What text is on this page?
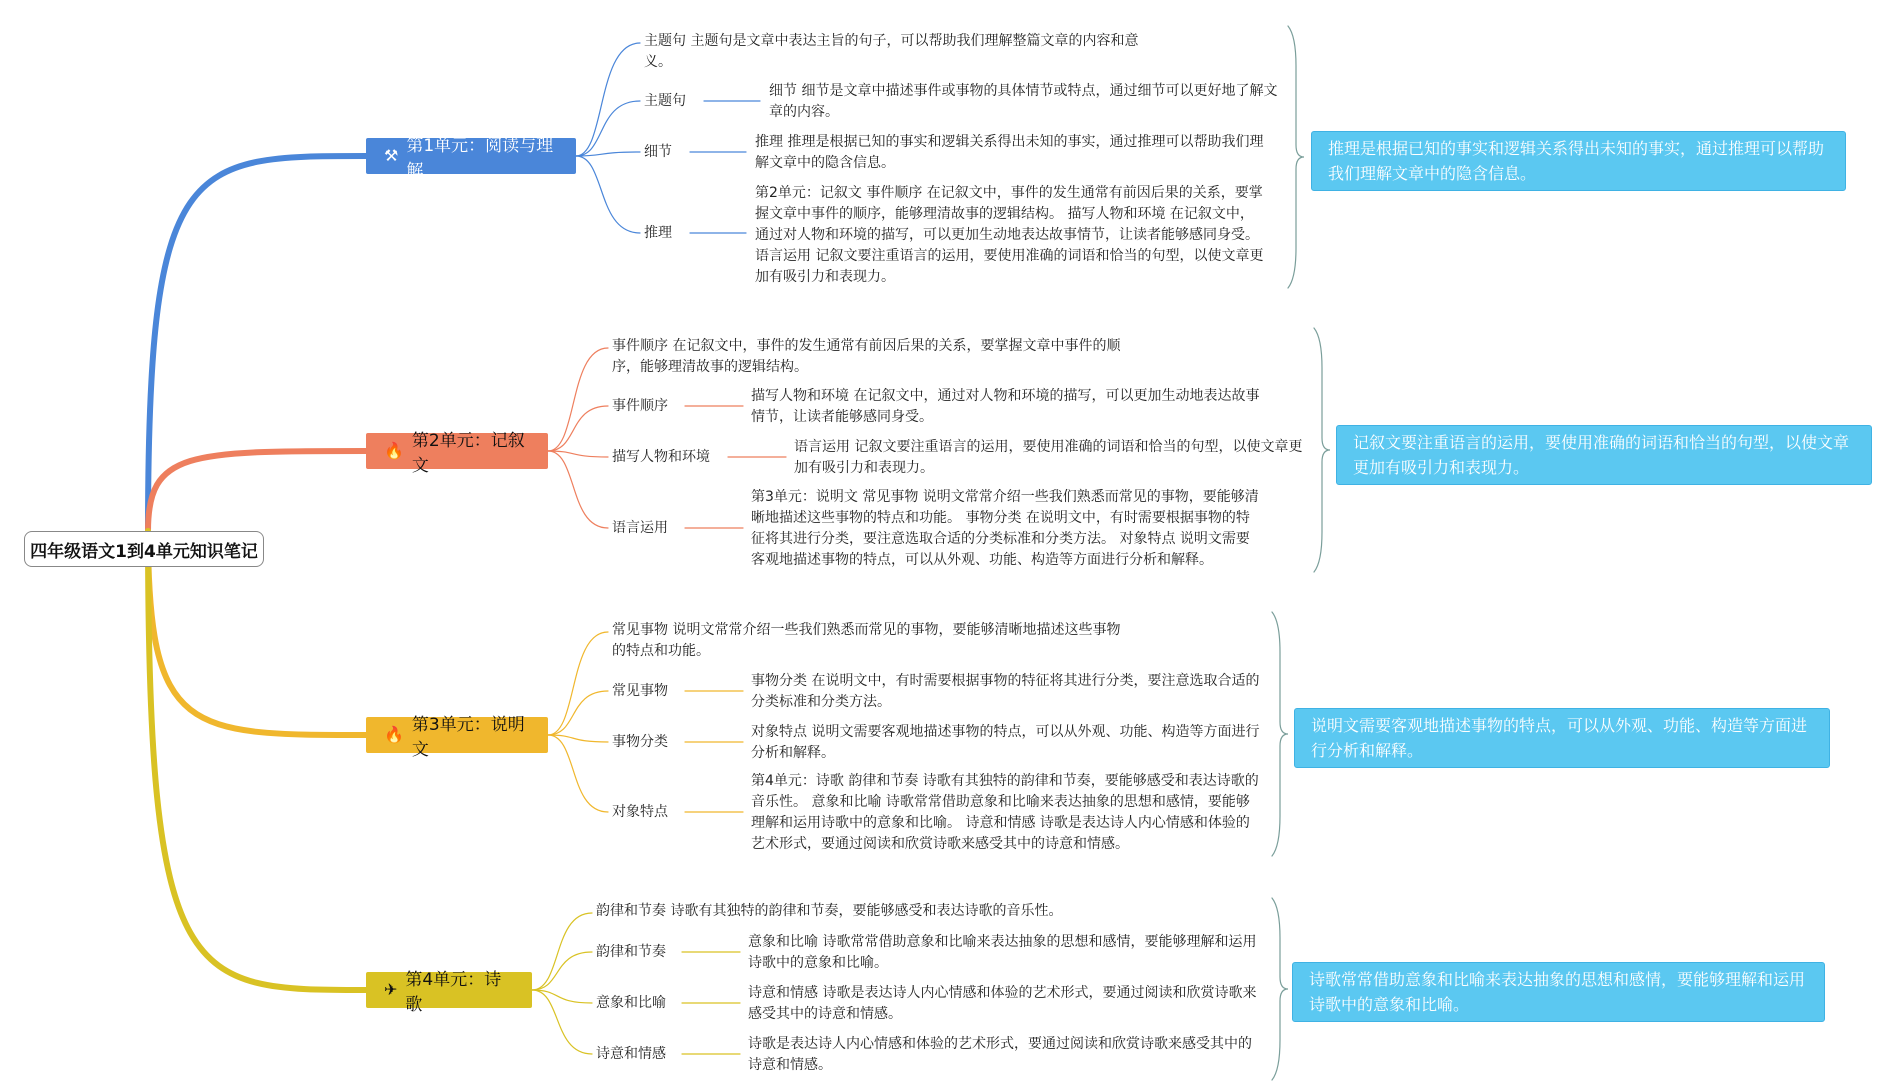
四年级语文1到4单元知识笔记
⚒ 第1单元：阅读与理解
主题句 主题句是文章中表达主旨的句子，可以帮助我们理解整篇文章的内容和意义。
主题句
细节 细节是文章中描述事件或事物的具体情节或特点，通过细节可以更好地了解文章的内容。
细节
推理 推理是根据已知的事实和逻辑关系得出未知的事实，通过推理可以帮助我们理解文章中的隐含信息。
推理
第2单元：记叙文 事件顺序 在记叙文中，事件的发生通常有前因后果的关系，要掌握文章中事件的顺序，能够理清故事的逻辑结构。 描写人物和环境 在记叙文中，通过对人物和环境的描写，可以更加生动地表达故事情节，让读者能够感同身受。 语言运用 记叙文要注重语言的运用，要使用准确的词语和恰当的句型，以使文章更加有吸引力和表现力。
推理是根据已知的事实和逻辑关系得出未知的事实，通过推理可以帮助我们理解文章中的隐含信息。
🔥 第2单元：记叙文
事件顺序 在记叙文中，事件的发生通常有前因后果的关系，要掌握文章中事件的顺序，能够理清故事的逻辑结构。
事件顺序
描写人物和环境 在记叙文中，通过对人物和环境的描写，可以更加生动地表达故事情节，让读者能够感同身受。
描写人物和环境
语言运用 记叙文要注重语言的运用，要使用准确的词语和恰当的句型，以使文章更加有吸引力和表现力。
语言运用
第3单元：说明文 常见事物 说明文常常介绍一些我们熟悉而常见的事物，要能够清晰地描述这些事物的特点和功能。 事物分类 在说明文中，有时需要根据事物的特征将其进行分类，要注意选取合适的分类标准和分类方法。 对象特点 说明文需要客观地描述事物的特点，可以从外观、功能、构造等方面进行分析和解释。
记叙文要注重语言的运用，要使用准确的词语和恰当的句型，以使文章更加有吸引力和表现力。
🔥 第3单元：说明文
常见事物 说明文常常介绍一些我们熟悉而常见的事物，要能够清晰地描述这些事物的特点和功能。
常见事物
事物分类 在说明文中，有时需要根据事物的特征将其进行分类，要注意选取合适的分类标准和分类方法。
事物分类
对象特点 说明文需要客观地描述事物的特点，可以从外观、功能、构造等方面进行分析和解释。
对象特点
第4单元：诗歌 韵律和节奏 诗歌有其独特的韵律和节奏，要能够感受和表达诗歌的音乐性。 意象和比喻 诗歌常常借助意象和比喻来表达抽象的思想和感情，要能够理解和运用诗歌中的意象和比喻。 诗意和情感 诗歌是表达诗人内心情感和体验的艺术形式，要通过阅读和欣赏诗歌来感受其中的诗意和情感。
说明文需要客观地描述事物的特点，可以从外观、功能、构造等方面进行分析和解释。
✈ 第4单元：诗歌
韵律和节奏 诗歌有其独特的韵律和节奏，要能够感受和表达诗歌的音乐性。
韵律和节奏
意象和比喻 诗歌常常借助意象和比喻来表达抽象的思想和感情，要能够理解和运用诗歌中的意象和比喻。
意象和比喻
诗意和情感 诗歌是表达诗人内心情感和体验的艺术形式，要通过阅读和欣赏诗歌来感受其中的诗意和情感。
诗意和情感
诗歌是表达诗人内心情感和体验的艺术形式，要通过阅读和欣赏诗歌来感受其中的诗意和情感。
诗歌常常借助意象和比喻来表达抽象的思想和感情，要能够理解和运用诗歌中的意象和比喻。
